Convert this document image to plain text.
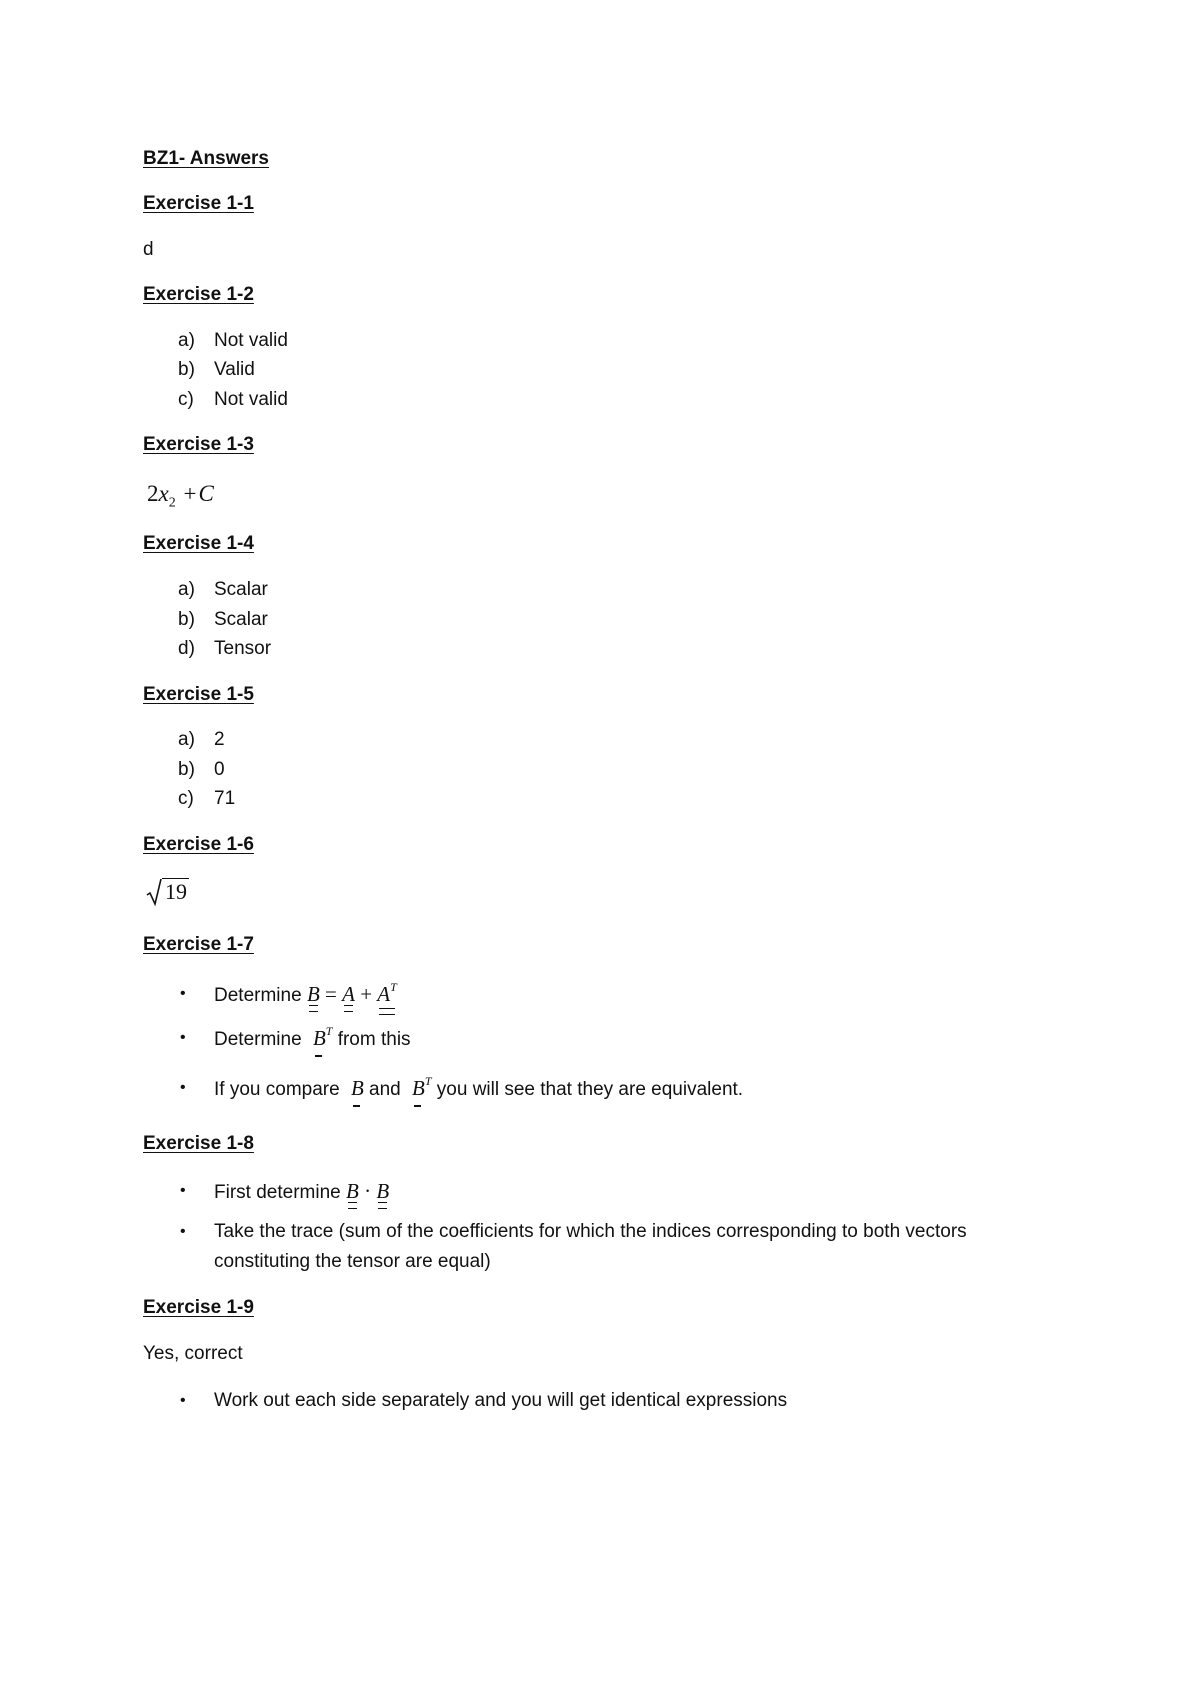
BZ1- Answers
Exercise 1-1
d
Exercise 1-2
a) Not valid
b) Valid
c) Not valid
Exercise 1-3
$2x_2 +C$
Exercise 1-4
a) Scalar
b) Scalar
d) Tensor
Exercise 1-5
a) 2
b) 0
c) 71
Exercise 1-6
19
Exercise 1-7
• Determine $B = A + A^T$
• Determine $B^T$ from this
• If you compare B and $B^T$ you will see that they are equivalent.
Exercise 1-8
• First determine B · B
• Take the trace (sum of the coefficients for which the indices corresponding to both vectors
constituting the tensor are equal)
Exercise 1-9
Yes, correct
• Work out each side separately and you will get identical expressions
